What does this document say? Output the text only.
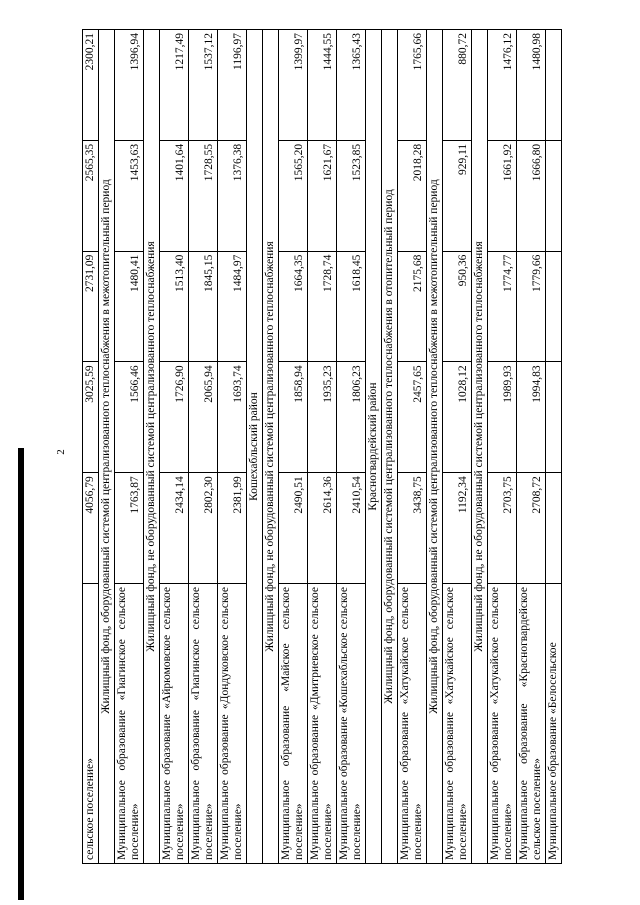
2
сельское поселение»	4056,79	3025,59	2731,09	2565,35	2300,21
Жилищный фонд, оборудованный системой централизованного теплоснабжения в межотопительный период					
Муниципальное образование «Гиагинское сельское поселение»	1763,87	1566,46	1480,41	1453,63	1396,94
Жилищный фонд, не оборудованный системой централизованного теплоснабжения					
Муниципальное образование «Айрюмовское сельское поселение»	2434,14	1726,90	1513,40	1401,64	1217,49
Муниципальное образование «Гиагинское сельское поселение»	2802,30	2065,94	1845,15	1728,55	1537,12
Муниципальное образование «Дондуковское сельское поселение»	2381,99	1693,74	1484,97	1376,38	1196,97
Кошехабльский район					
Жилищный фонд, не оборудованный системой централизованного теплоснабжения					
Муниципальное образование «Майское сельское поселение»	2490,51	1858,94	1664,35	1565,20	1399,97
Муниципальное образование «Дмитриевское сельское поселение»	2614,36	1935,23	1728,74	1621,67	1444,55
Муниципальное образование «Кошехабльское сельское поселение»	2410,54	1806,23	1618,45	1523,85	1365,43
Красногвардейский район					
Жилищный фонд, оборудованный системой централизованного теплоснабжения в отопительный период					
Муниципальное образование «Хатукайское сельское поселение»	3438,75	2457,65	2175,68	2018,28	1765,66
Жилищный фонд, оборудованный системой централизованного теплоснабжения в межотопительный период					
Муниципальное образование «Хатукайское сельское поселение»	1192,34	1028,12	950,36	929,11	880,72
Жилищный фонд, не оборудованный системой централизованного теплоснабжения					
Муниципальное образование «Хатукайское сельское поселение»	2703,75	1989,93	1774,77	1661,92	1476,12
Муниципальное образование «Красногвардейское сельское поселение»	2708,72	1994,83	1779,66	1666,80	1480,98
Муниципальное образование «Белосельское					
